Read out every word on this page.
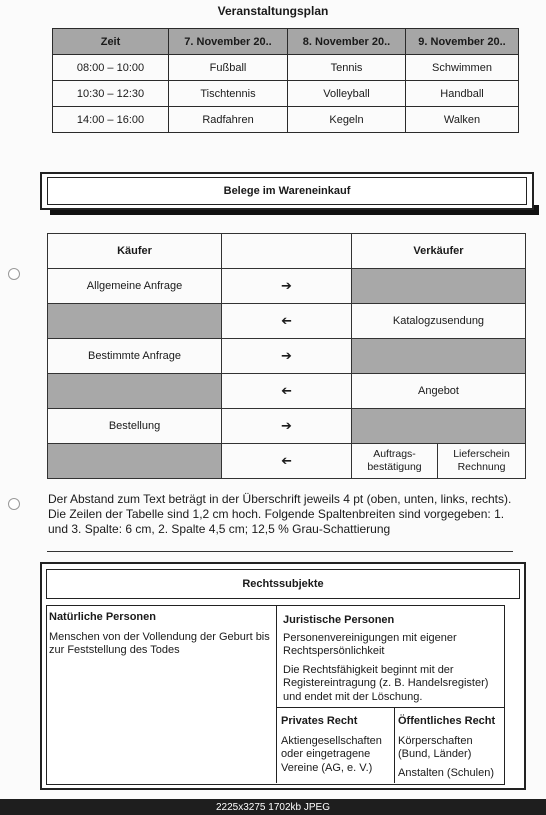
Veranstaltungsplan
Zeit	7. November 20..	8. November 20..	9. November 20..
08:00 – 10:00	Fußball	Tennis	Schwimmen
10:30 – 12:30	Tischtennis	Volleyball	Handball
14:00 – 16:00	Radfahren	Kegeln	Walken
Belege im Wareneinkauf
Käufer		Verkäufer	
Allgemeine Anfrage	➔		
	➔	Katalogzusendung	
Bestimmte Anfrage	➔		
	➔	Angebot	
Bestellung	➔		
	➔	Auftrags-bestätigung	Lieferschein Rechnung
Der Abstand zum Text beträgt in der Überschrift jeweils 4 pt (oben, unten, links, rechts). Die Zeilen der Tabelle sind 1,2 cm hoch. Folgende Spaltenbreiten sind vorgegeben: 1. und 3. Spalte: 6 cm, 2. Spalte 4,5 cm; 12,5 % Grau-Schattierung
Rechtssubjekte
Natürliche Personen
Menschen von der Vollendung der Geburt bis zur Feststellung des Todes
Juristische Personen
Personenvereinigungen mit eigener Rechtspersönlichkeit
Die Rechtsfähigkeit beginnt mit der Registereintragung (z. B. Handelsregister) und endet mit der Löschung.
Privates Recht
Aktiengesellschaften oder eingetragene Vereine (AG, e. V.)
Öffentliches Recht
Körperschaften (Bund, Länder)
Anstalten (Schulen)
2225x3275 1702kb JPEG
